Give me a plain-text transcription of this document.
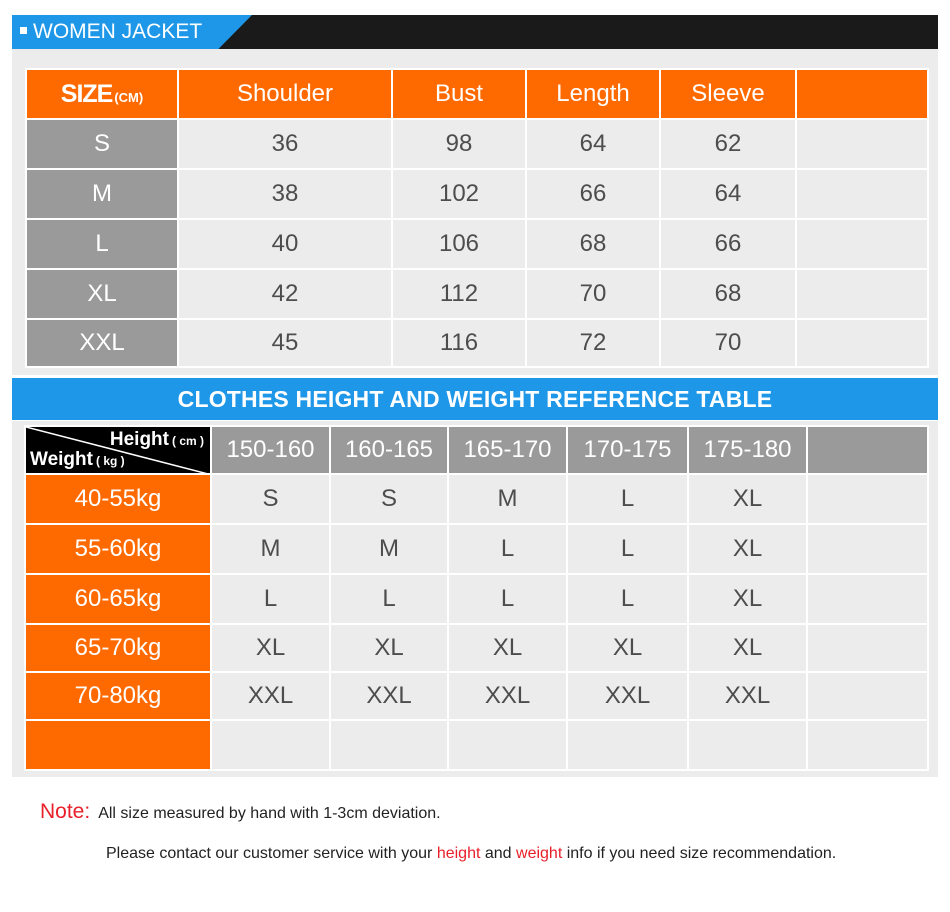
WOMEN JACKET
SIZE (CM)	Shoulder	Bust	Length	Sleeve	
S	36	98	64	62	
M	38	102	66	64	
L	40	106	68	66	
XL	42	112	70	68	
XXL	45	116	72	70	
CLOTHES HEIGHT AND WEIGHT REFERENCE TABLE
Height ( cm )
Weight ( kg )	150-160	160-165	165-170	170-175	175-180	
40-55kg	S	S	M	L	XL	
55-60kg	M	M	L	L	XL	
60-65kg	L	L	L	L	XL	
65-70kg	XL	XL	XL	XL	XL	
70-80kg	XXL	XXL	XXL	XXL	XXL	

Note: All size measured by hand with 1-3cm deviation.
Please contact our customer service with your height and weight info if you need size recommendation.
